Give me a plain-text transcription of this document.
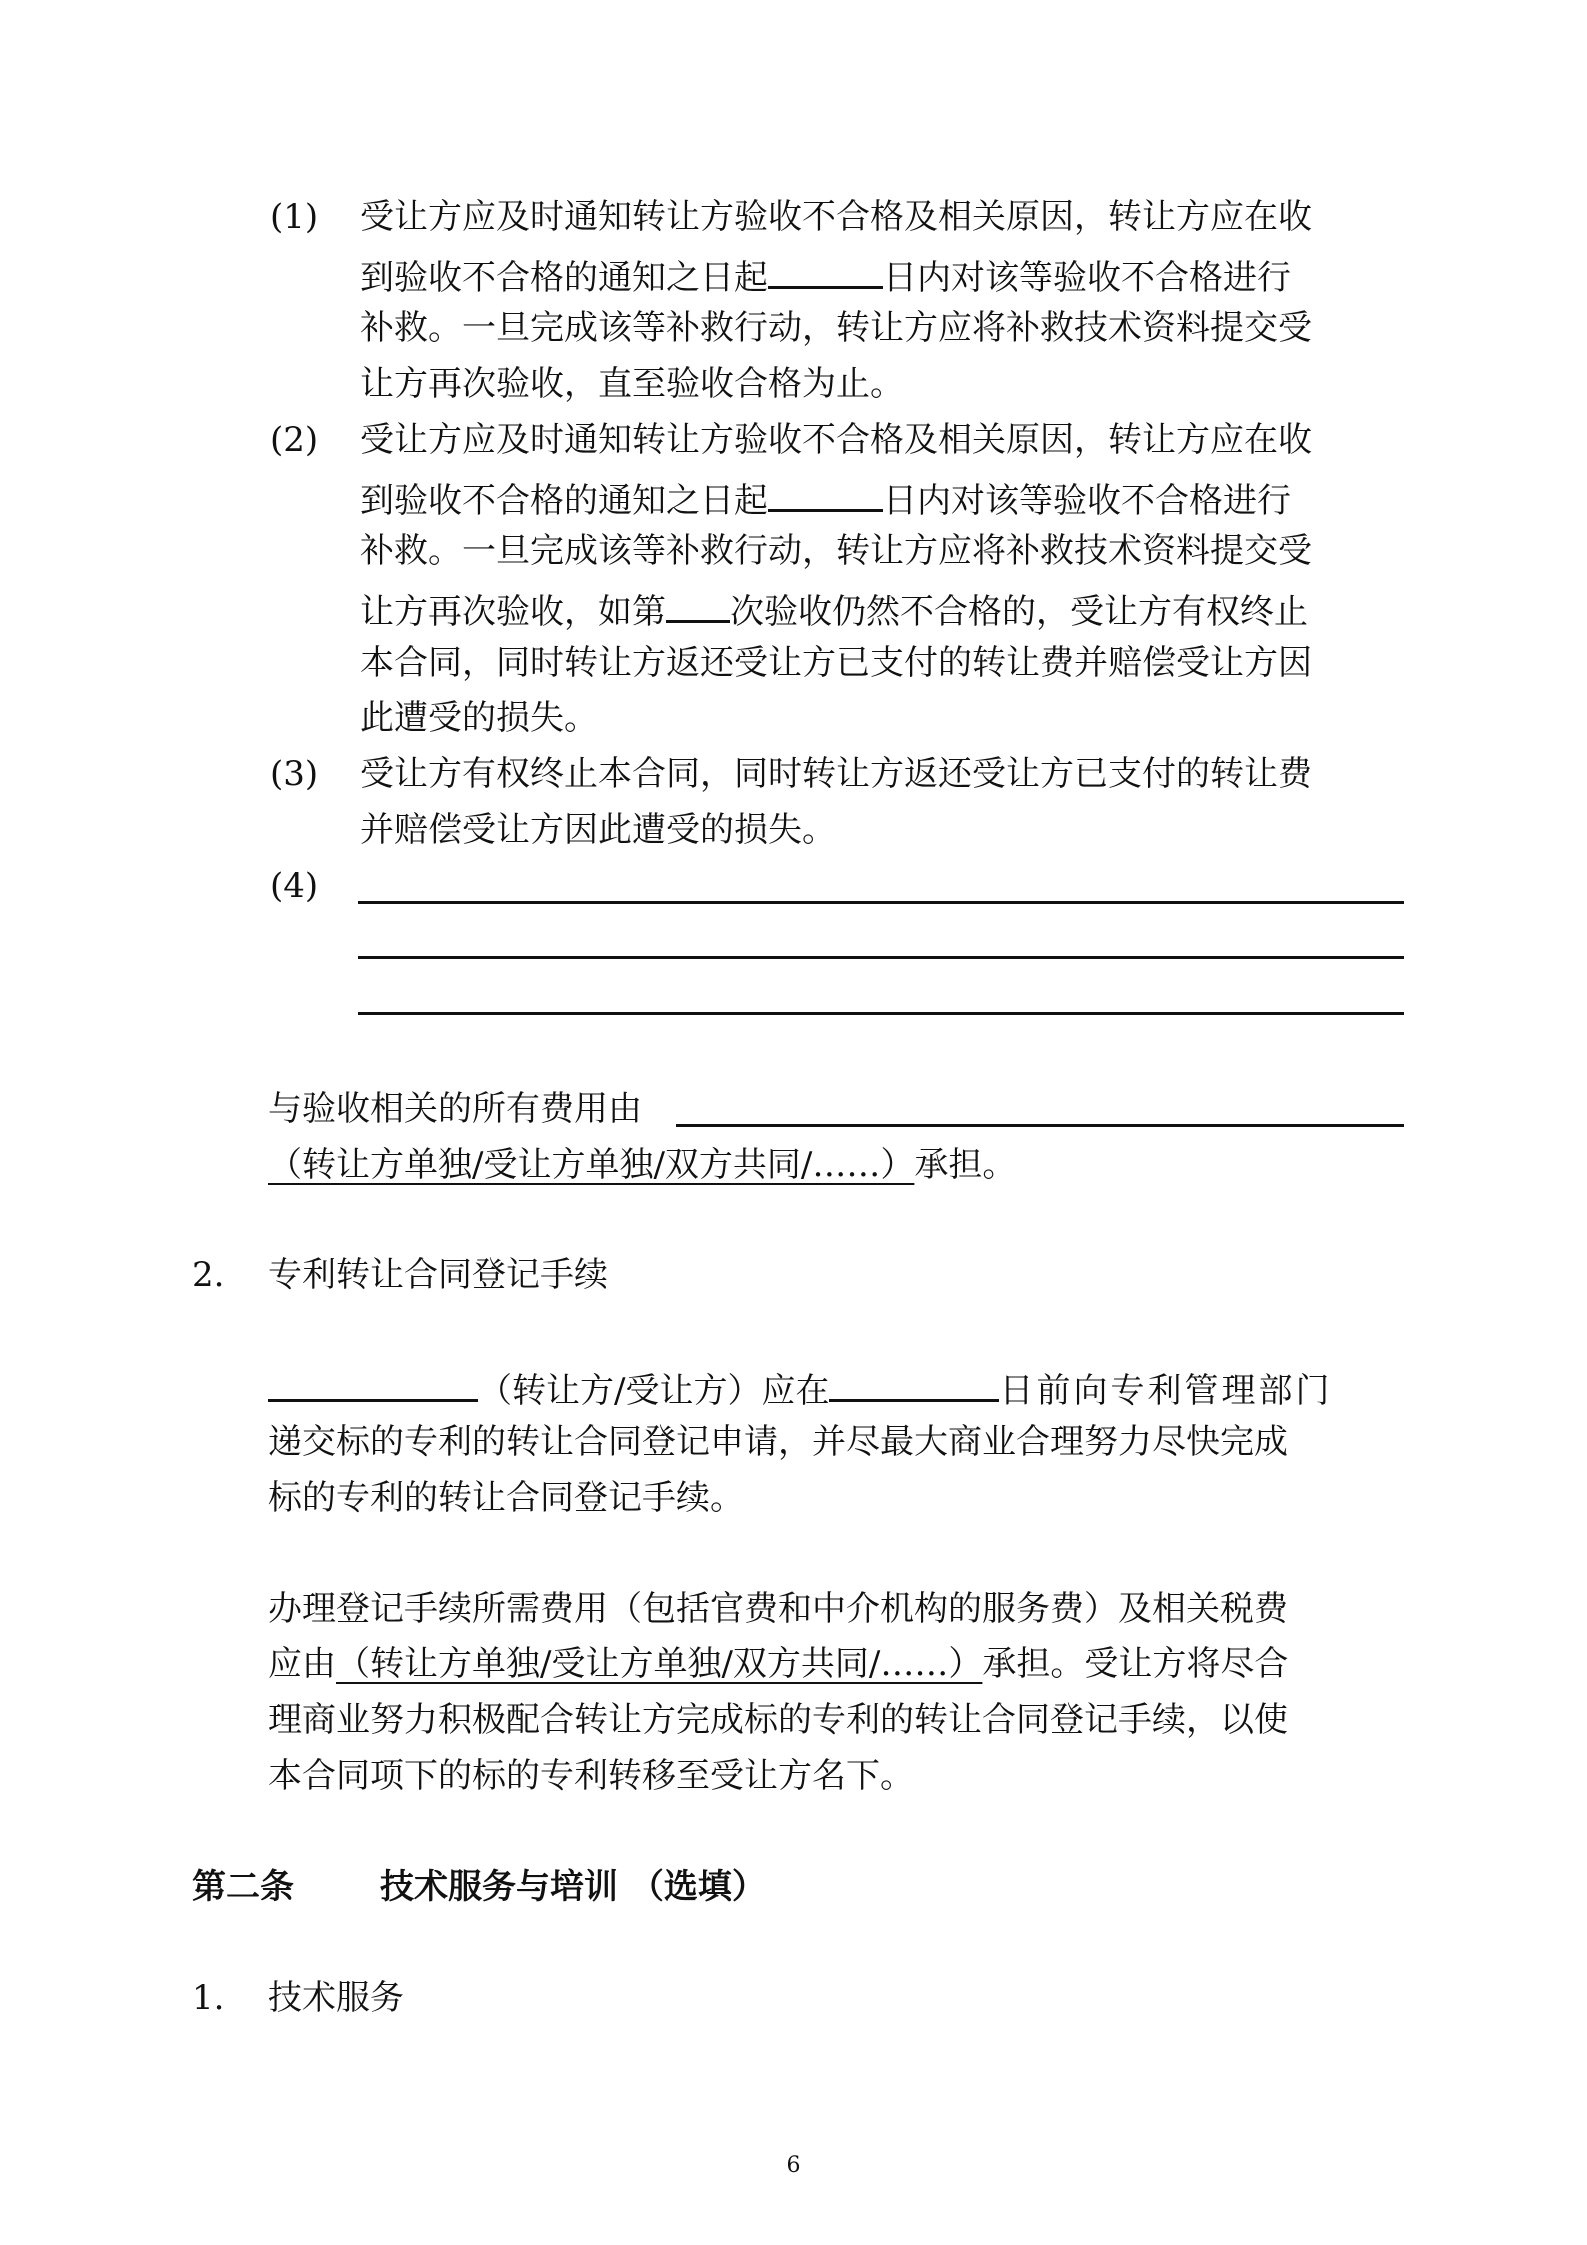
(1) 受让方应及时通知转让方验收不合格及相关原因，转让方应在收
到验收不合格的通知之日起	日内对该等验收不合格进行
补救。一旦完成该等补救行动，转让方应将补救技术资料提交受
让方再次验收，直至验收合格为止。
(2) 受让方应及时通知转让方验收不合格及相关原因，转让方应在收
到验收不合格的通知之日起	日内对该等验收不合格进行
补救。一旦完成该等补救行动，转让方应将补救技术资料提交受
让方再次验收，如第 次验收仍然不合格的，受让方有权终止
本合同，同时转让方返还受让方已支付的转让费并赔偿受让方因
此遭受的损失。
(3) 受让方有权终止本合同，同时转让方返还受让方已支付的转让费
并赔偿受让方因此遭受的损失。
(4)
与验收相关的所有费用由
（转让方单独/受让方单独/双方共同/……）承担。
2. 专利转让合同登记手续
（转让方/受让方）应在	日前向专利管理部门
递交标的专利的转让合同登记申请，并尽最大商业合理努力尽快完成
标的专利的转让合同登记手续。
办理登记手续所需费用（包括官费和中介机构的服务费）及相关税费
应由（转让方单独/受让方单独/双方共同/……）承担。受让方将尽合
理商业努力积极配合转让方完成标的专利的转让合同登记手续，以使
本合同项下的标的专利转移至受让方名下。
第二条	技术服务与培训 （选填）
1. 技术服务
6
